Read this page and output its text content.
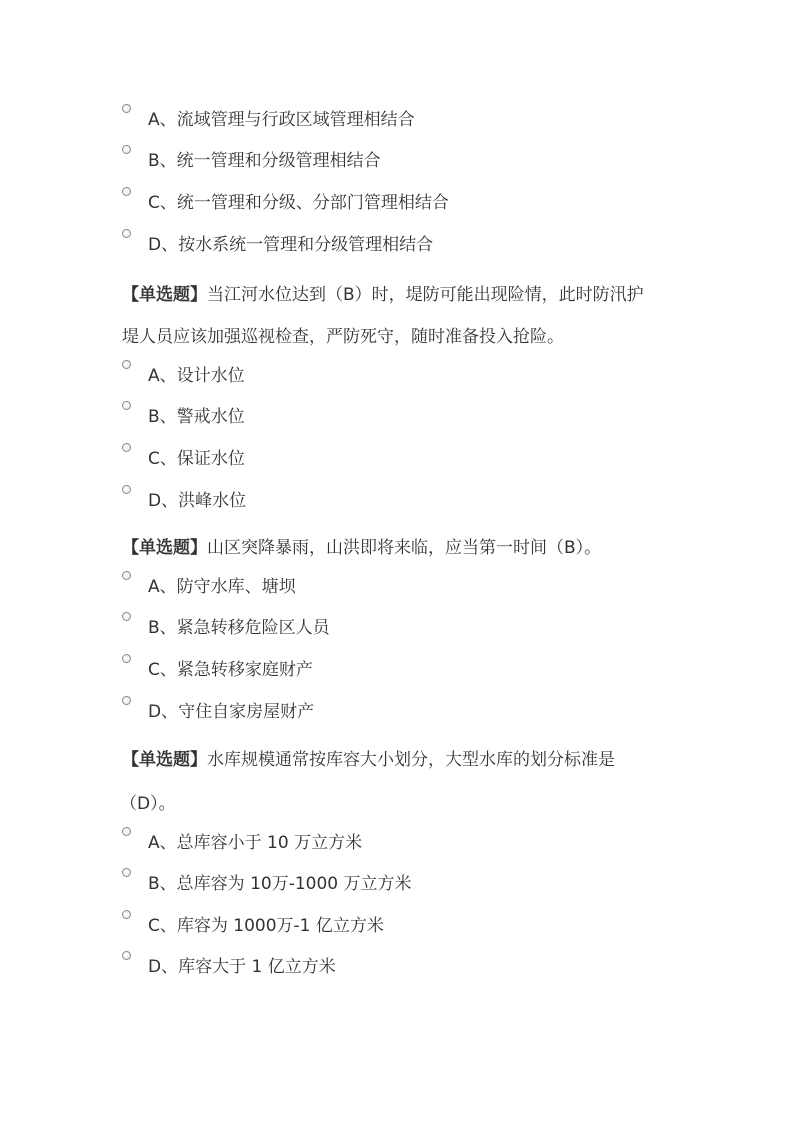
A、流域管理与行政区域管理相结合
B、统一管理和分级管理相结合
C、统一管理和分级、分部门管理相结合
D、按水系统一管理和分级管理相结合
【单选题】当江河水位达到（B）时，堤防可能出现险情，此时防汛护
堤人员应该加强巡视检查，严防死守，随时准备投入抢险。
A、设计水位
B、警戒水位
C、保证水位
D、洪峰水位
【单选题】山区突降暴雨，山洪即将来临，应当第一时间（B）。
A、防守水库、塘坝
B、紧急转移危险区人员
C、紧急转移家庭财产
D、守住自家房屋财产
【单选题】水库规模通常按库容大小划分，大型水库的划分标准是
（D）。
A、总库容小于 10 万立方米
B、总库容为 10万-1000 万立方米
C、库容为 1000万-1 亿立方米
D、库容大于 1 亿立方米
